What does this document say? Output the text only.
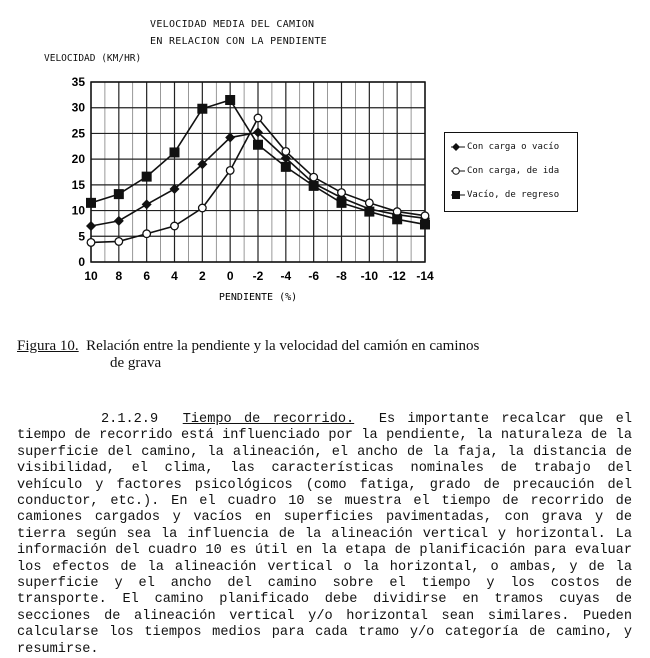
VELOCIDAD MEDIA DEL CAMION
EN RELACION CON LA PENDIENTE
VELOCIDAD (KM/HR)
0
5
10
15
20
25
30
35
10 8 6 4 2 0 -2 -4 -6 -8 -10 -12 -14
PENDIENTE (%)
Con carga o vacío
Con carga, de ida
Vacío, de regreso
Figura 10. Relación entre la pendiente y la velocidad del camión en caminos
de grava
2.1.2.9 Tiempo de recorrido. Es importante recalcar que el tiempo de recorrido está influenciado por la pendiente, la naturaleza de la superficie del camino, la alineación, el ancho de la faja, la distancia de visibilidad, el clima, las características nominales de trabajo del vehículo y factores psicológicos (como fatiga, grado de precaución del conductor, etc.). En el cuadro 10 se muestra el tiempo de recorrido de camiones cargados y vacíos en superficies pavimentadas, con grava y de tierra según sea la influencia de la alineación vertical y horizontal. La información del cuadro 10 es útil en la etapa de planificación para evaluar los efectos de la alineación vertical o la horizontal, o ambas, y de la superficie y el ancho del camino sobre el tiempo y los costos de transporte. El camino planificado debe dividirse en tramos cuyas de secciones de alineación vertical y/o horizontal sean similares. Pueden calcularse los tiempos medios para cada tramo y/o categoría de camino, y resumirse.
